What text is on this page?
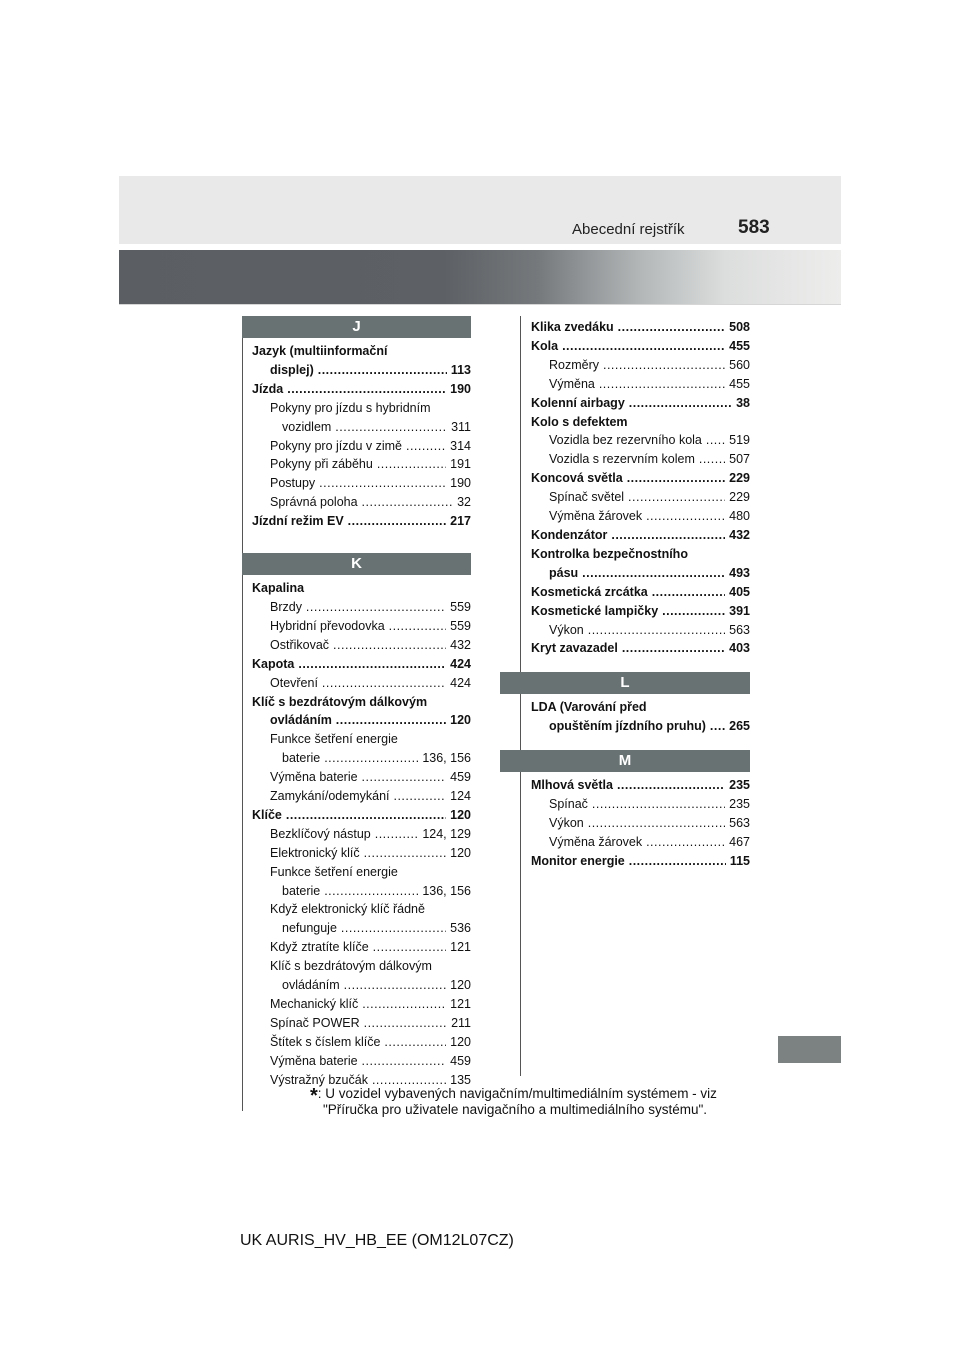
Abecední rejstřík	583
J
Jazyk (multiinformační
displej) .....	113
Jízda .....	190
Pokyny pro jízdu s hybridním
vozidlem .....	311
Pokyny pro jízdu v zimě .....	314
Pokyny při záběhu .....	191
Postupy .....	190
Správná poloha .....	32
Jízdní režim EV .....	217
K
Kapalina
Brzdy .....	559
Hybridní převodovka .....	559
Ostřikovač .....	432
Kapota .....	424
Otevření .....	424
Klíč s bezdrátovým dálkovým
ovládáním .....	120
Funkce šetření energie
baterie .....	136, 156
Výměna baterie .....	459
Zamykání/odemykání .....	124
Klíče .....	120
Bezklíčový nástup .....	124, 129
Elektronický klíč .....	120
Funkce šetření energie
baterie .....	136, 156
Když elektronický klíč řádně
nefunguje .....	536
Když ztratíte klíče .....	121
Klíč s bezdrátovým dálkovým
ovládáním .....	120
Mechanický klíč .....	121
Spínač POWER .....	211
Štítek s číslem klíče .....	120
Výměna baterie .....	459
Výstražný bzučák .....	135
Klika zvedáku .....	508
Kola .....	455
Rozměry .....	560
Výměna .....	455
Kolenní airbagy .....	38
Kolo s defektem
Vozidla bez rezervního kola ..... 519
Vozidla s rezervním kolem .....	507
Koncová světla .....	229
Spínač světel .....	229
Výměna žárovek .....	480
Kondenzátor .....	432
Kontrolka bezpečnostního
pásu .....	493
Kosmetická zrcátka .....	405
Kosmetické lampičky .....	391
Výkon .....	563
Kryt zavazadel .....	403
L
LDA (Varování před
opuštěním jízdního pruhu) ..... 265
M
Mlhová světla .....	235
Spínač .....	235
Výkon .....	563
Výměna žárovek .....	467
Monitor energie .....	115
*: U vozidel vybavených navigačním/multimediálním systémem - viz
"Příručka pro uživatele navigačního a multimediálního systému".
UK AURIS_HV_HB_EE (OM12L07CZ)
